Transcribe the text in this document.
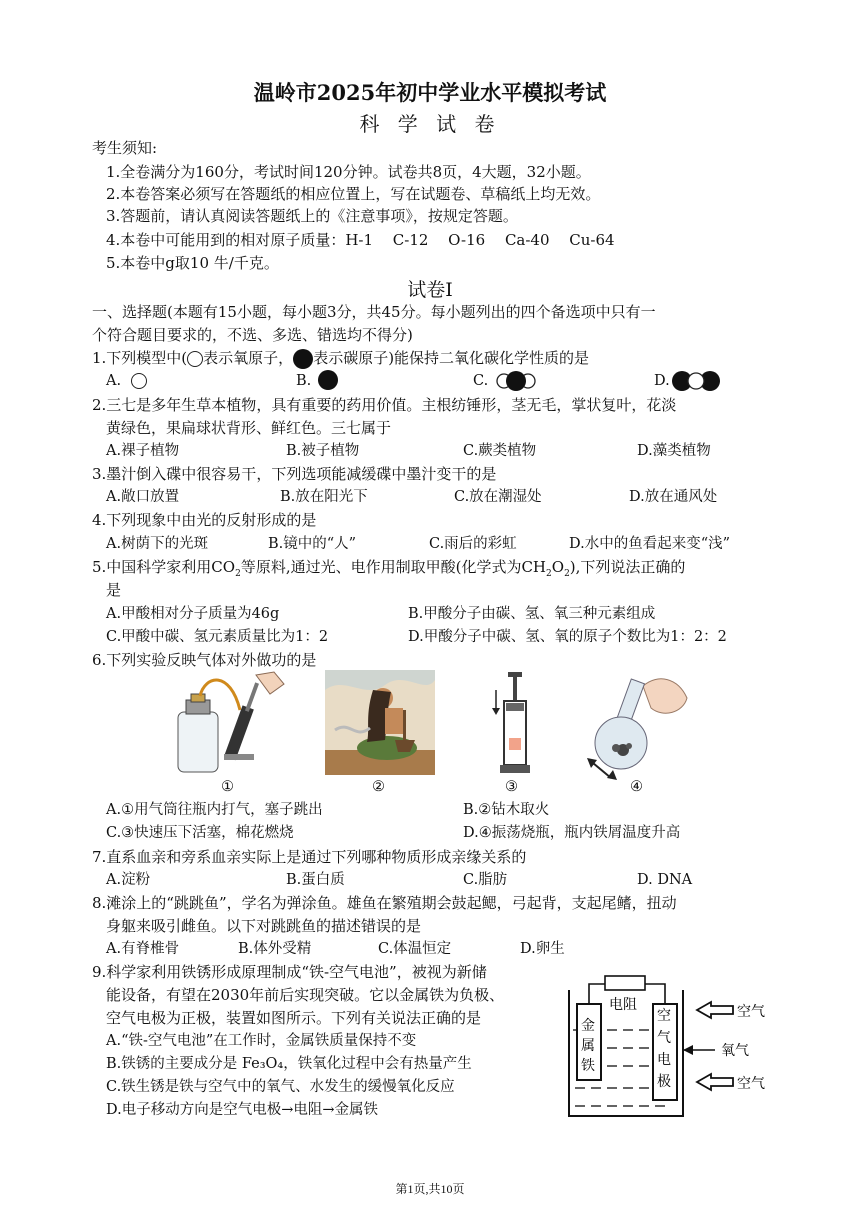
温岭市2025年初中学业水平模拟考试
科 学 试 卷
考生须知:
1.全卷满分为160分，考试时间120分钟。试卷共8页，4大题，32小题。
2.本卷答案必须写在答题纸的相应位置上，写在试题卷、草稿纸上均无效。
3.答题前，请认真阅读答题纸上的《注意事项》，按规定答题。
4.本卷中可能用到的相对原子质量：H-1　 C-12　 O-16　 Ca-40　 Cu-64
5.本卷中g取10 牛/千克。
试卷Ⅰ
一、选择题(本题有15小题，每小题3分，共45分。每小题列出的四个备选项中只有一
个符合题目要求的，不选、多选、错选均不得分)
1.下列模型中( 表示氧原子， 表示碳原子)能保持二氧化碳化学性质的是
A.	B.	C.	D.
2.三七是多年生草本植物，具有重要的药用价值。主根纺锤形，茎无毛，掌状复叶，花淡
黄绿色，果扁球状背形、鲜红色。三七属于
A.裸子植物	B.被子植物	C.蕨类植物	D.藻类植物
3.墨汁倒入碟中很容易干，下列选项能减缓碟中墨汁变干的是
A.敞口放置	B.放在阳光下	C.放在潮湿处	D.放在通风处
4.下列现象中由光的反射形成的是
A.树荫下的光斑	B.镜中的“人”	C.雨后的彩虹	D.水中的鱼看起来变“浅”
5.中国科学家利用$CO_2$等原料,通过光、电作用制取甲酸(化学式为$CH_2O_2$),下列说法正确的
是
A.甲酸相对分子质量为46g	B.甲酸分子由碳、氢、氧三种元素组成
C.甲酸中碳、氢元素质量比为1：2	D.甲酸分子中碳、氢、氧的原子个数比为1：2：2
6.下列实验反映气体对外做功的是
①	②	③	④
A.①用气筒往瓶内打气，塞子跳出	B.②钻木取火
C.③快速压下活塞，棉花燃烧	D.④振荡烧瓶，瓶内铁屑温度升高
7.直系血亲和旁系血亲实际上是通过下列哪种物质形成亲缘关系的
A.淀粉	B.蛋白质	C.脂肪	D. DNA
8.滩涂上的“跳跳鱼”，学名为弹涂鱼。雄鱼在繁殖期会鼓起鳃，弓起背，支起尾鳍，扭动
身躯来吸引雌鱼。以下对跳跳鱼的描述错误的是
A.有脊椎骨	B.体外受精	C.体温恒定	D.卵生
9.科学家利用铁锈形成原理制成“铁-空气电池”，被视为新储
能设备，有望在2030年前后实现突破。它以金属铁为负极、
空气电极为正极，装置如图所示。下列有关说法正确的是
A.“铁-空气电池”在工作时，金属铁质量保持不变
B.铁锈的主要成分是 Fe₃O₄，铁氧化过程中会有热量产生
C.铁生锈是铁与空气中的氧气、水发生的缓慢氧化反应
D.电子移动方向是空气电极→电阻→金属铁
电阻
金
属
铁
空
气
电
极
空气
氧气
空气
第1页,共10页
